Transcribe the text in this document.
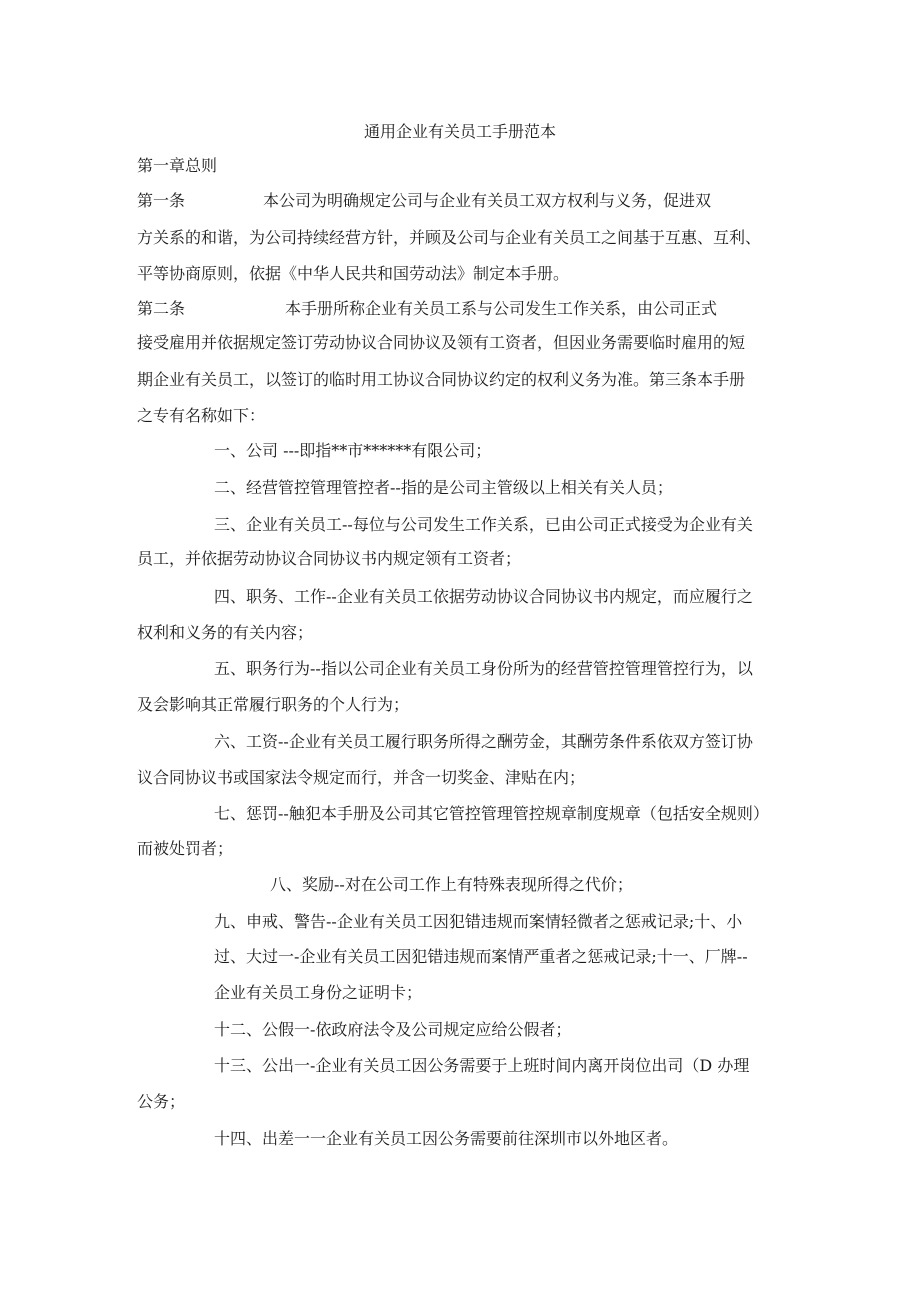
通用企业有关员工手册范本
第一章总则
第一条	本公司为明确规定公司与企业有关员工双方权利与义务，促进双
方关系的和谐，为公司持续经营方针，并顾及公司与企业有关员工之间基于互惠、互利、
平等协商原则，依据《中华人民共和国劳动法》制定本手册。
第二条	本手册所称企业有关员工系与公司发生工作关系，由公司正式
接受雇用并依据规定签订劳动协议合同协议及领有工资者，但因业务需要临时雇用的短
期企业有关员工，以签订的临时用工协议合同协议约定的权利义务为准。第三条本手册
之专有名称如下：
一、公司 ---即指**市******有限公司；
二、经营管控管理管控者--指的是公司主管级以上相关有关人员；
三、企业有关员工--每位与公司发生工作关系，已由公司正式接受为企业有关
员工，并依据劳动协议合同协议书内规定领有工资者；
四、职务、工作--企业有关员工依据劳动协议合同协议书内规定，而应履行之
权利和义务的有关内容；
五、职务行为--指以公司企业有关员工身份所为的经营管控管理管控行为，以
及会影响其正常履行职务的个人行为；
六、工资--企业有关员工履行职务所得之酬劳金，其酬劳条件系依双方签订协
议合同协议书或国家法令规定而行，并含一切奖金、津贴在内；
七、惩罚--触犯本手册及公司其它管控管理管控规章制度规章（包括安全规则）
而被处罚者；
八、奖励--对在公司工作上有特殊表现所得之代价；
九、申戒、警告--企业有关员工因犯错违规而案情轻微者之惩戒记录;十、小
过、大过一-企业有关员工因犯错违规而案情严重者之惩戒记录;十一、厂牌--
企业有关员工身份之证明卡；
十二、公假一-依政府法令及公司规定应给公假者；
十三、公出一-企业有关员工因公务需要于上班时间内离开岗位出司（D 办理
公务；
十四、出差一一企业有关员工因公务需要前往深圳市以外地区者。
